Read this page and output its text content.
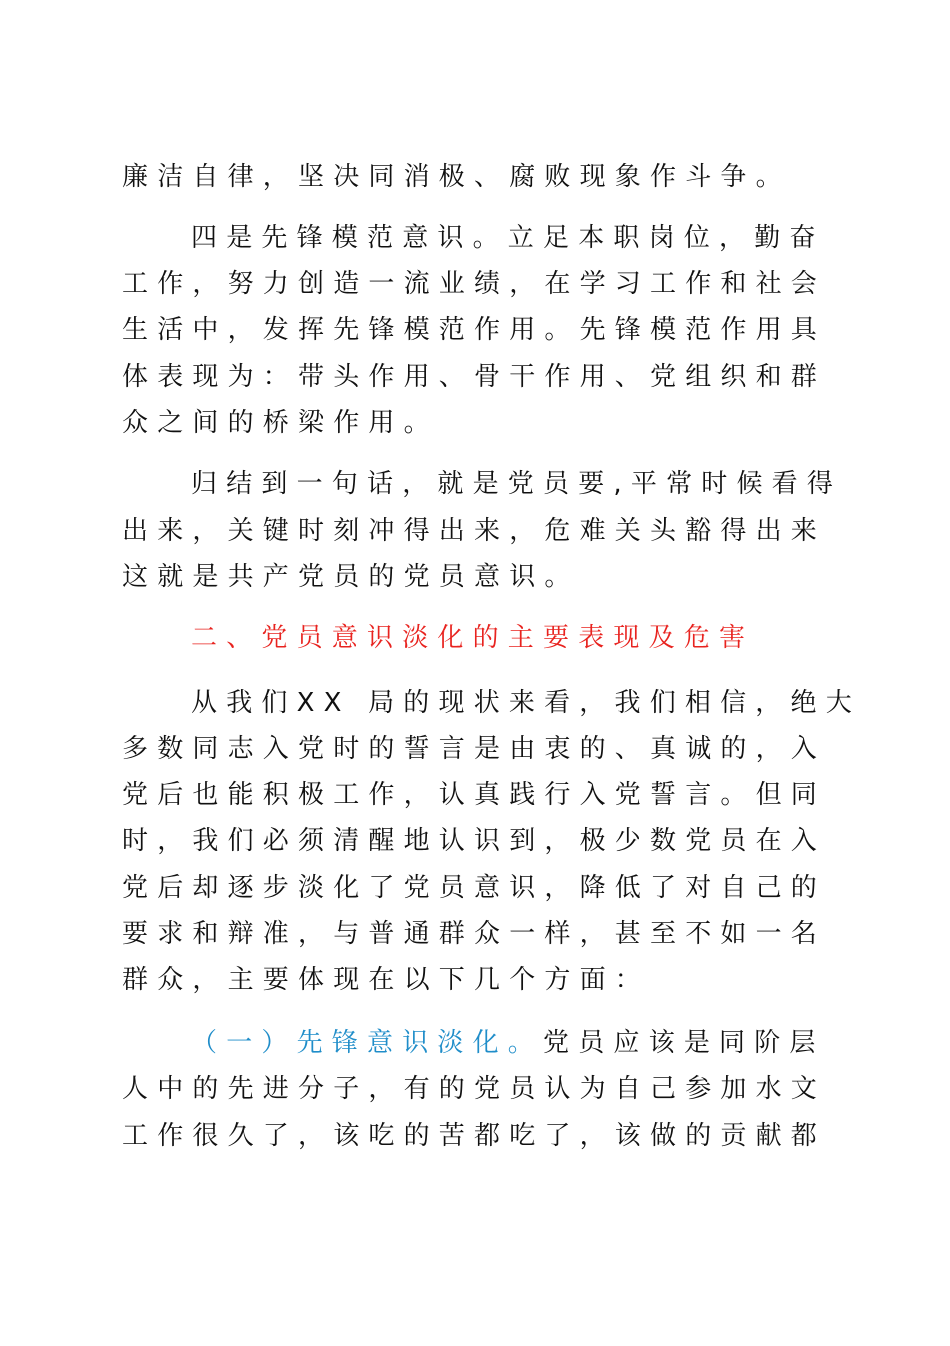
廉洁自律，坚决同消极、腐败现象作斗争。
四是先锋模范意识。立足本职岗位，勤奋
工作，努力创造一流业绩，在学习工作和社会
生活中，发挥先锋模范作用。先锋模范作用具
体表现为：带头作用、骨干作用、党组织和群
众之间的桥梁作用。
归结到一句话，就是党员要,平常时候看得
出来，关键时刻冲得出来，危难关头豁得出来
这就是共产党员的党员意识。
二、党员意识淡化的主要表现及危害
从我们XX 局的现状来看，我们相信，绝大
多数同志入党时的誓言是由衷的、真诚的，入
党后也能积极工作，认真践行入党誓言。但同
时，我们必须清醒地认识到，极少数党员在入
党后却逐步淡化了党员意识，降低了对自己的
要求和辩准，与普通群众一样，甚至不如一名
群众，主要体现在以下几个方面：
（一）先锋意识淡化。党员应该是同阶层
人中的先进分子，有的党员认为自己参加水文
工作很久了，该吃的苦都吃了，该做的贡献都
